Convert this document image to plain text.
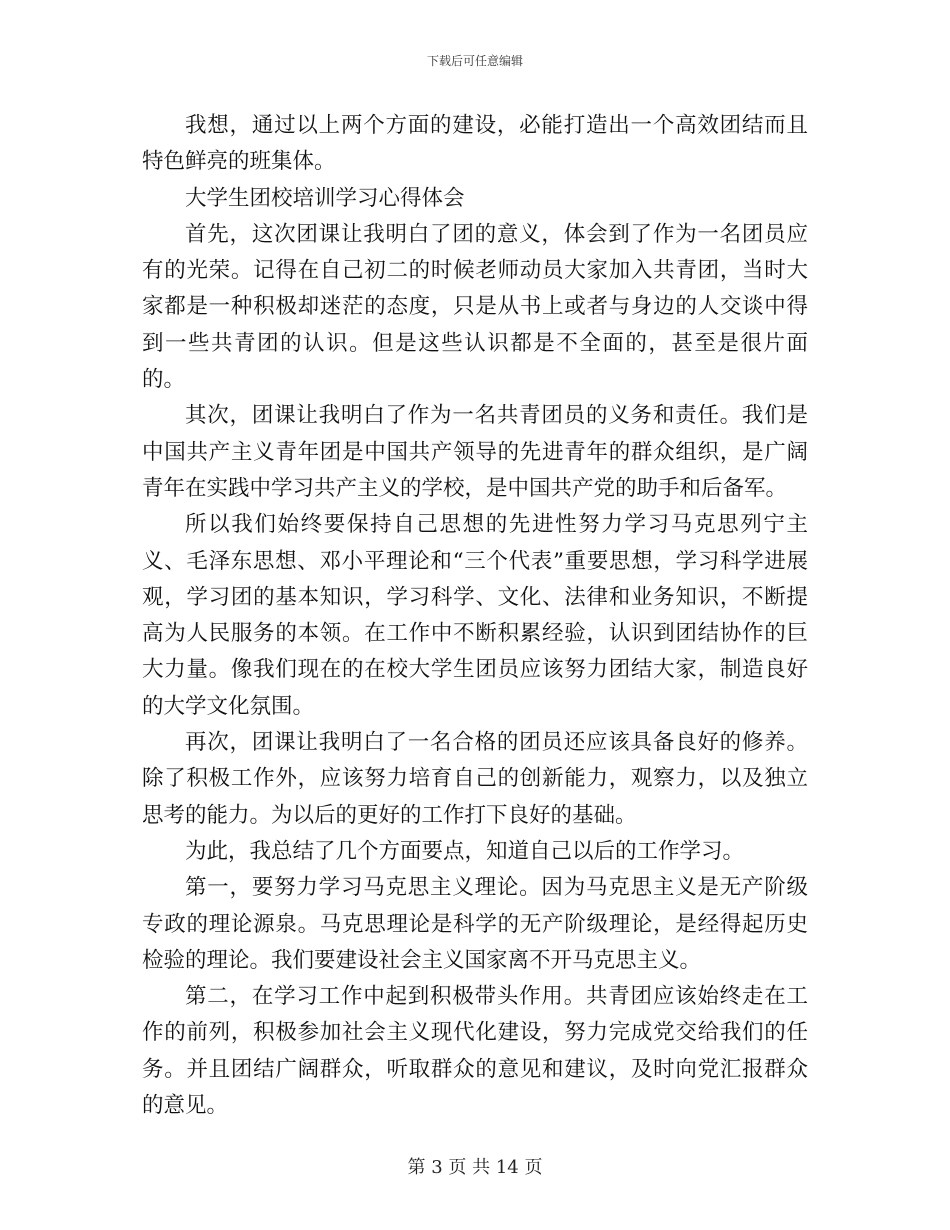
下载后可任意编辑

我想，通过以上两个方面的建设，必能打造出一个高效团结而且特色鲜亮的班集体。

大学生团校培训学习心得体会

首先，这次团课让我明白了团的意义，体会到了作为一名团员应有的光荣。记得在自己初二的时候老师动员大家加入共青团，当时大家都是一种积极却迷茫的态度，只是从书上或者与身边的人交谈中得到一些共青团的认识。但是这些认识都是不全面的，甚至是很片面的。

其次，团课让我明白了作为一名共青团员的义务和责任。我们是中国共产主义青年团是中国共产领导的先进青年的群众组织，是广阔青年在实践中学习共产主义的学校，是中国共产党的助手和后备军。

所以我们始终要保持自己思想的先进性努力学习马克思列宁主义、毛泽东思想、邓小平理论和“三个代表”重要思想，学习科学进展观，学习团的基本知识，学习科学、文化、法律和业务知识，不断提高为人民服务的本领。在工作中不断积累经验，认识到团结协作的巨大力量。像我们现在的在校大学生团员应该努力团结大家，制造良好的大学文化氛围。

再次，团课让我明白了一名合格的团员还应该具备良好的修养。除了积极工作外，应该努力培育自己的创新能力，观察力，以及独立思考的能力。为以后的更好的工作打下良好的基础。

为此，我总结了几个方面要点，知道自己以后的工作学习。

第一，要努力学习马克思主义理论。因为马克思主义是无产阶级专政的理论源泉。马克思理论是科学的无产阶级理论，是经得起历史检验的理论。我们要建设社会主义国家离不开马克思主义。

第二，在学习工作中起到积极带头作用。共青团应该始终走在工作的前列，积极参加社会主义现代化建设，努力完成党交给我们的任务。并且团结广阔群众，听取群众的意见和建议，及时向党汇报群众的意见。

第 3 页 共 14 页
